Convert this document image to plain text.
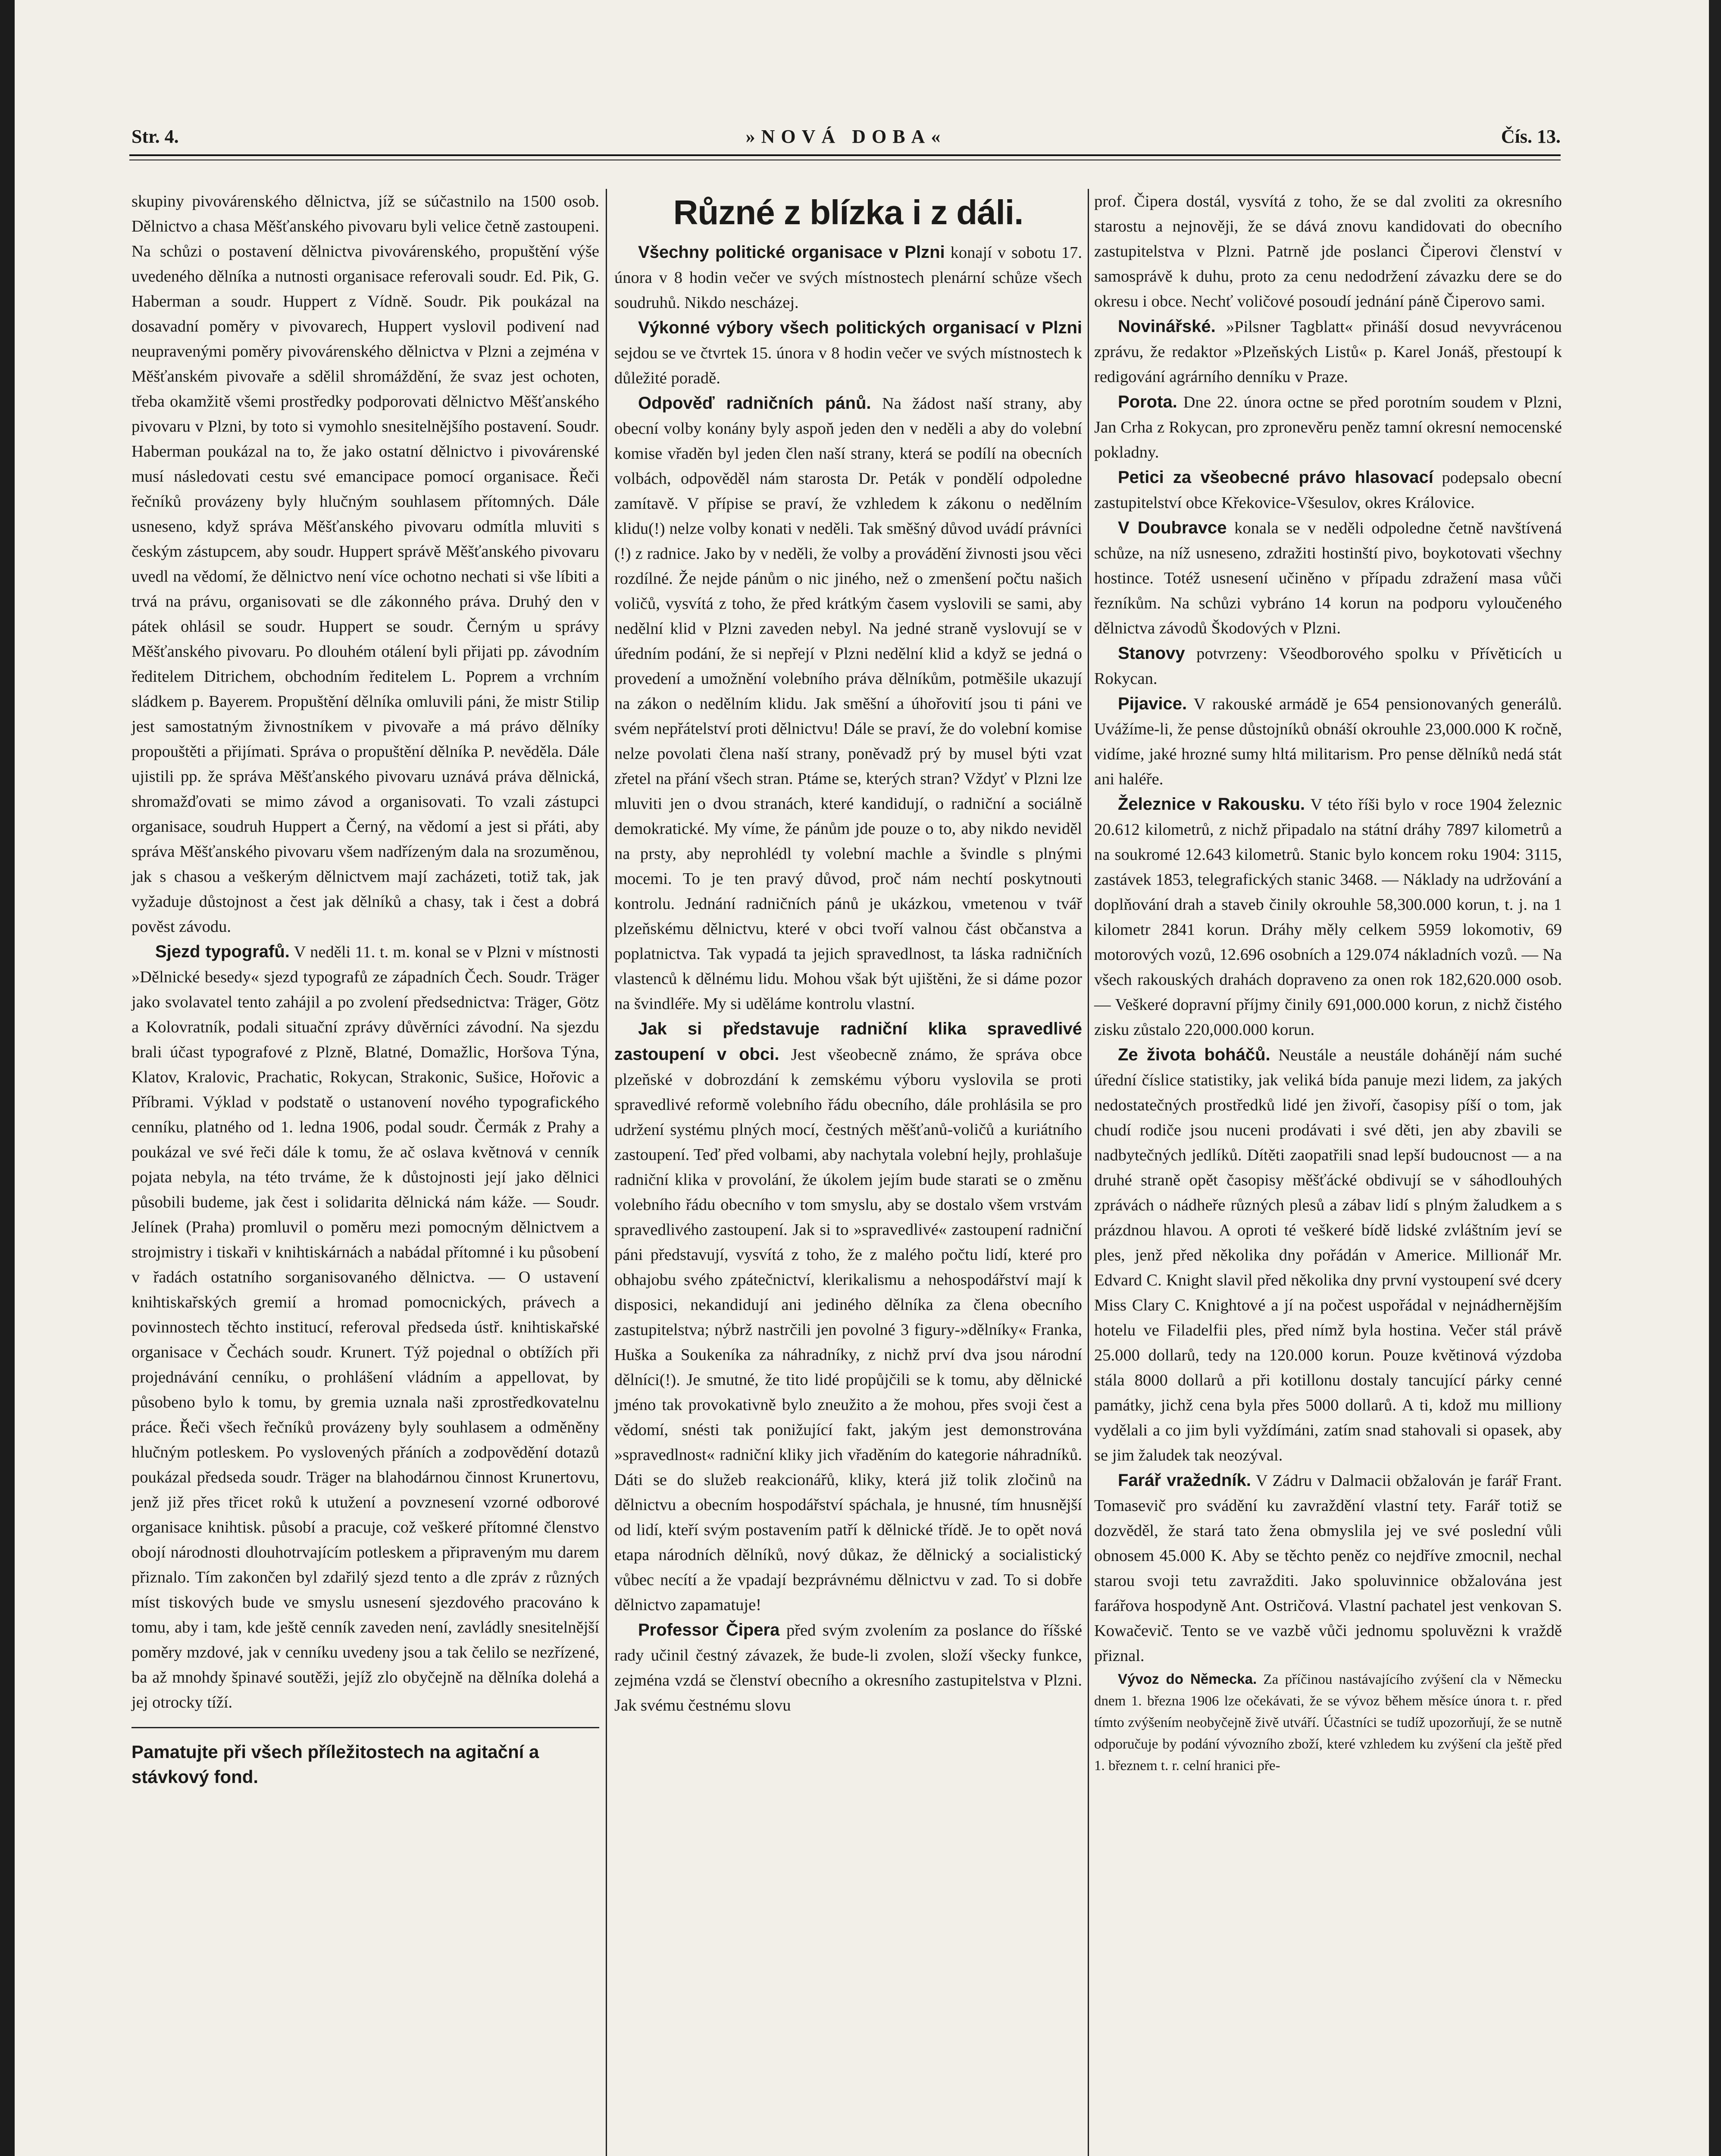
Str. 4.	»NOVÁ DOBA«	Čís. 13.

skupiny pivovárenského dělnictva, jíž se súčastnilo na 1500 osob. Dělnictvo a chasa Měšťanského pivovaru byli velice četně zastoupeni. Na schůzi o postavení dělnictva pivovárenského, propuštění výše uvedeného dělníka a nutnosti organisace referovali soudr. Ed. Pik, G. Haberman a soudr. Huppert z Vídně. Soudr. Pik poukázal na dosavadní poměry v pivovarech, Huppert vyslovil podivení nad neupravenými poměry pivovárenského dělnictva v Plzni a zejména v Měšťanském pivovaře a sdělil shromáždění, že svaz jest ochoten, třeba okamžitě všemi prostředky podporovati dělnictvo Měšťanského pivovaru v Plzni, by toto si vymohlo snesitelnějšího postavení. Soudr. Haberman poukázal na to, že jako ostatní dělnictvo i pivovárenské musí následovati cestu své emancipace pomocí organisace. Řeči řečníků provázeny byly hlučným souhlasem přítomných. Dále usneseno, když správa Měšťanského pivovaru odmítla mluviti s českým zástupcem, aby soudr. Huppert správě Měšťanského pivovaru uvedl na vědomí, že dělnictvo není více ochotno nechati si vše líbiti a trvá na právu, organisovati se dle zákonného práva. Druhý den v pátek ohlásil se soudr. Huppert se soudr. Černým u správy Měšťanského pivovaru. Po dlouhém otálení byli přijati pp. závodním ředitelem Ditrichem, obchodním ředitelem L. Poprem a vrchním sládkem p. Bayerem. Propuštění dělníka omluvili páni, že mistr Stilip jest samostatným živnostníkem v pivovaře a má právo dělníky propouštěti a přijímati. Správa o propuštění dělníka P. nevěděla. Dále ujistili pp. že správa Měšťanského pivovaru uznává práva dělnická, shromažďovati se mimo závod a organisovati. To vzali zástupci organisace, soudruh Huppert a Černý, na vědomí a jest si přáti, aby správa Měšťanského pivovaru všem nadřízeným dala na srozuměnou, jak s chasou a veškerým dělnictvem mají zacházeti, totiž tak, jak vyžaduje důstojnost a čest jak dělníků a chasy, tak i čest a dobrá pověst závodu.

Sjezd typografů. V neděli 11. t. m. konal se v Plzni v místnosti »Dělnické besedy« sjezd typografů ze západních Čech. Soudr. Träger jako svolavatel tento zahájil a po zvolení předsednictva: Träger, Götz a Kolovratník, podali situační zprávy důvěrníci závodní. Na sjezdu brali účast typografové z Plzně, Blatné, Domažlic, Horšova Týna, Klatov, Kralovic, Prachatic, Rokycan, Strakonic, Sušice, Hořovic a Příbrami. Výklad v podstatě o ustanovení nového typografického cenníku, platného od 1. ledna 1906, podal soudr. Čermák z Prahy a poukázal ve své řeči dále k tomu, že ač oslava květnová v cenník pojata nebyla, na této trváme, že k důstojnosti její jako dělnici působili budeme, jak čest i solidarita dělnická nám káže. — Soudr. Jelínek (Praha) promluvil o poměru mezi pomocným dělnictvem a strojmistry i tiskaři v knihtiskárnách a nabádal přítomné i ku působení v řadách ostatního sorganisovaného dělnictva. — O ustavení knihtiskařských gremií a hromad pomocnických, právech a povinnostech těchto institucí, referoval předseda ústř. knihtiskařské organisace v Čechách soudr. Krunert. Týž pojednal o obtížích při projednávání cenníku, o prohlášení vládním a appellovat, by působeno bylo k tomu, by gremia uznala naši zprostředkovatelnu práce. Řeči všech řečníků provázeny byly souhlasem a odměněny hlučným potleskem. Po vyslovených přáních a zodpovědění dotazů poukázal předseda soudr. Träger na blahodárnou činnost Krunertovu, jenž již přes třicet roků k utužení a povznesení vzorné odborové organisace knihtisk. působí a pracuje, což veškeré přítomné členstvo obojí národnosti dlouhotrvajícím potleskem a připraveným mu darem přiznalo. Tím zakončen byl zdařilý sjezd tento a dle zpráv z různých míst tiskových bude ve smyslu usnesení sjezdového pracováno k tomu, aby i tam, kde ještě cenník zaveden není, zavládly snesitelnější poměry mzdové, jak v cenníku uvedeny jsou a tak čelilo se nezřízené, ba až mnohdy špinavé soutěži, jejíž zlo obyčejně na dělníka dolehá a jej otrocky tíží.

Pamatujte při všech příležitostech na agitační a stávkový fond.
Různé z blízka i z dáli.

Všechny politické organisace v Plzni konají v sobotu 17. února v 8 hodin večer ve svých místnostech plenární schůze všech soudruhů. Nikdo nescházej.

Výkonné výbory všech politických organisací v Plzni sejdou se ve čtvrtek 15. února v 8 hodin večer ve svých místnostech k důležité poradě.

Odpověď radničních pánů. Na žádost naší strany, aby obecní volby konány byly aspoň jeden den v neděli a aby do volební komise vřaděn byl jeden člen naší strany, která se podílí na obecních volbách, odpověděl nám starosta Dr. Peták v pondělí odpoledne zamítavě. V přípise se praví, že vzhledem k zákonu o nedělním klidu(!) nelze volby konati v neděli. Tak směšný důvod uvádí právníci (!) z radnice. Jako by v neděli, že volby a provádění živnosti jsou věci rozdílné. Že nejde pánům o nic jiného, než o zmenšení počtu našich voličů, vysvítá z toho, že před krátkým časem vyslovili se sami, aby nedělní klid v Plzni zaveden nebyl. Na jedné straně vyslovují se v úředním podání, že si nepřejí v Plzni nedělní klid a když se jedná o provedení a umožnění volebního práva dělníkům, potměšile ukazují na zákon o nedělním klidu. Jak směšní a úhořovití jsou ti páni ve svém nepřátelství proti dělnictvu! Dále se praví, že do volební komise nelze povolati člena naší strany, poněvadž prý by musel býti vzat zřetel na přání všech stran. Ptáme se, kterých stran? Vždyť v Plzni lze mluviti jen o dvou stranách, které kandidují, o radniční a sociálně demokratické. My víme, že pánům jde pouze o to, aby nikdo neviděl na prsty, aby neprohlédl ty volební machle a švindle s plnými mocemi. To je ten pravý důvod, proč nám nechtí poskytnouti kontrolu. Jednání radničních pánů je ukázkou, vmetenou v tvář plzeňskému dělnictvu, které v obci tvoří valnou část občanstva a poplatnictva. Tak vypadá ta jejich spravedlnost, ta láska radničních vlastenců k dělnému lidu. Mohou však být ujištěni, že si dáme pozor na švindléře. My si uděláme kontrolu vlastní.

Jak si představuje radniční klika spravedlivé zastoupení v obci. Jest všeobecně známo, že správa obce plzeňské v dobrozdání k zemskému výboru vyslovila se proti spravedlivé reformě volebního řádu obecního, dále prohlásila se pro udržení systému plných mocí, čestných měšťanů-voličů a kuriátního zastoupení. Teď před volbami, aby nachytala volební hejly, prohlašuje radniční klika v provolání, že úkolem jejím bude starati se o změnu volebního řádu obecního v tom smyslu, aby se dostalo všem vrstvám spravedlivého zastoupení. Jak si to »spravedlivé« zastoupení radniční páni představují, vysvítá z toho, že z malého počtu lidí, které pro obhajobu svého zpátečnictví, klerikalismu a nehospodářství mají k disposici, nekandidují ani jediného dělníka za člena obecního zastupitelstva; nýbrž nastrčili jen povolné 3 figury-»dělníky« Franka, Huška a Soukeníka za náhradníky, z nichž prví dva jsou národní dělníci(!). Je smutné, že tito lidé propůjčili se k tomu, aby dělnické jméno tak provokativně bylo zneužito a že mohou, přes svoji čest a vědomí, snésti tak ponižující fakt, jakým jest demonstrována »spravedlnost« radniční kliky jich vřaděním do kategorie náhradníků. Dáti se do služeb reakcionářů, kliky, která již tolik zločinů na dělnictvu a obecním hospodářství spáchala, je hnusné, tím hnusnější od lidí, kteří svým postavením patří k dělnické třídě. Je to opět nová etapa národních dělníků, nový důkaz, že dělnický a socialistický vůbec necítí a že vpadají bezprávnému dělnictvu v zad. To si dobře dělnictvo zapamatuje!

Professor Čipera před svým zvolením za poslance do říšské rady učinil čestný závazek, že bude-li zvolen, složí všecky funkce, zejména vzdá se členství obecního a okresního zastupitelstva v Plzni. Jak svému čestnému slovu

prof. Čipera dostál, vysvítá z toho, že se dal zvoliti za okresního starostu a nejnověji, že se dává znovu kandidovati do obecního zastupitelstva v Plzni. Patrně jde poslanci Čiperovi členství v samosprávě k duhu, proto za cenu nedodržení závazku dere se do okresu i obce. Nechť voličové posoudí jednání páně Čiperovo sami.

Novinářské. »Pilsner Tagblatt« přináší dosud nevyvrácenou zprávu, že redaktor »Plzeňských Listů« p. Karel Jonáš, přestoupí k redigování agrárního denníku v Praze.

Porota. Dne 22. února octne se před porotním soudem v Plzni, Jan Crha z Rokycan, pro zpronevěru peněz tamní okresní nemocenské pokladny.

Petici za všeobecné právo hlasovací podepsalo obecní zastupitelství obce Křekovice-Všesulov, okres Královice.

V Doubravce konala se v neděli odpoledne četně navštívená schůze, na níž usneseno, zdražiti hostinští pivo, boykotovati všechny hostince. Totéž usnesení učiněno v případu zdražení masa vůči řezníkům. Na schůzi vybráno 14 korun na podporu vyloučeného dělnictva závodů Škodových v Plzni.

Stanovy potvrzeny: Všeodborového spolku v Přívěticích u Rokycan.

Pijavice. V rakouské armádě je 654 pensionovaných generálů. Uvážíme-li, že pense důstojníků obnáší okrouhle 23,000.000 K ročně, vidíme, jaké hrozné sumy hltá militarism. Pro pense dělníků nedá stát ani haléře.

Železnice v Rakousku. V této říši bylo v roce 1904 železnic 20.612 kilometrů, z nichž připadalo na státní dráhy 7897 kilometrů a na soukromé 12.643 kilometrů. Stanic bylo koncem roku 1904: 3115, zastávek 1853, telegrafických stanic 3468. — Náklady na udržování a doplňování drah a staveb činily okrouhle 58,300.000 korun, t. j. na 1 kilometr 2841 korun. Dráhy měly celkem 5959 lokomotiv, 69 motorových vozů, 12.696 osobních a 129.074 nákladních vozů. — Na všech rakouských drahách dopraveno za onen rok 182,620.000 osob. — Veškeré dopravní příjmy činily 691,000.000 korun, z nichž čistého zisku zůstalo 220,000.000 korun.

Ze života boháčů. Neustále a neustále dohánějí nám suché úřední číslice statistiky, jak veliká bída panuje mezi lidem, za jakých nedostatečných prostředků lidé jen živoří, časopisy píší o tom, jak chudí rodiče jsou nuceni prodávati i své děti, jen aby zbavili se nadbytečných jedlíků. Dítěti zaopatřili snad lepší budoucnost — a na druhé straně opět časopisy měšťácké obdivují se v sáhodlouhých zprávách o nádheře různých plesů a zábav lidí s plným žaludkem a s prázdnou hlavou. A oproti té veškeré bídě lidské zvláštním jeví se ples, jenž před několika dny pořádán v Americe. Millionář Mr. Edvard C. Knight slavil před několika dny první vystoupení své dcery Miss Clary C. Knightové a jí na počest uspořádal v nejnádhernějším hotelu ve Filadelfii ples, před nímž byla hostina. Večer stál právě 25.000 dollarů, tedy na 120.000 korun. Pouze květinová výzdoba stála 8000 dollarů a při kotillonu dostaly tancující párky cenné památky, jichž cena byla přes 5000 dollarů. A ti, kdož mu milliony vydělali a co jim byli vyždímáni, zatím snad stahovali si opasek, aby se jim žaludek tak neozýval.

Farář vražedník. V Zádru v Dalmacii obžalován je farář Frant. Tomasevič pro svádění ku zavraždění vlastní tety. Farář totiž se dozvěděl, že stará tato žena obmyslila jej ve své poslední vůli obnosem 45.000 K. Aby se těchto peněz co nejdříve zmocnil, nechal starou svoji tetu zavražditi. Jako spoluvinnice obžalována jest farářova hospodyně Ant. Ostričová. Vlastní pachatel jest venkovan S. Kowačevič. Tento se ve vazbě vůči jednomu spoluvězni k vraždě přiznal.

Vývoz do Německa. Za příčinou nastávajícího zvýšení cla v Německu dnem 1. března 1906 lze očekávati, že se vývoz během měsíce února t. r. před tímto zvýšením neobyčejně živě utváří. Účastníci se tudíž upozorňují, že se nutně odporučuje by podání vývozního zboží, které vzhledem ku zvýšení cla ještě před 1. březnem t. r. celní hranici pře-
